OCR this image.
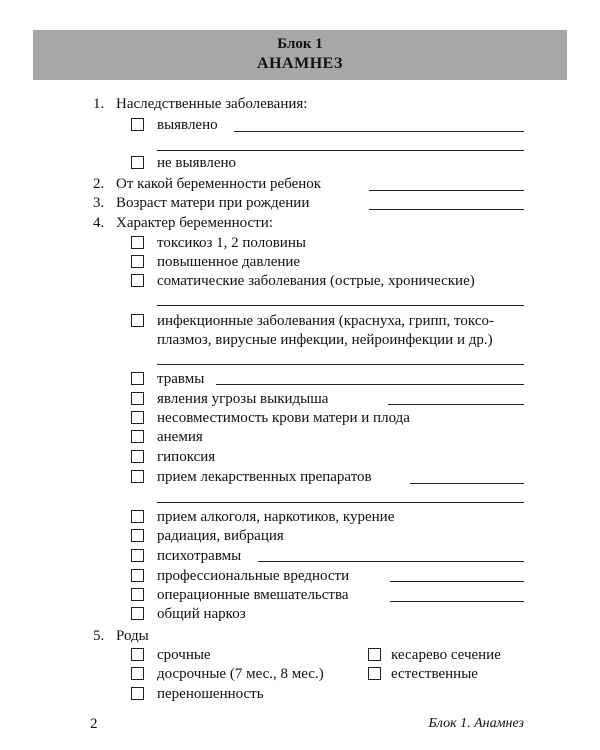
Блок 1
АНАМНЕЗ
1. Наследственные заболевания:
выявлено
не выявлено
2. От какой беременности ребенок
3. Возраст матери при рождении
4. Характер беременности:
токсикоз 1, 2 половины
повышенное давление
соматические заболевания (острые, хронические)
инфекционные заболевания (краснуха, грипп, токсо-
плазмоз, вирусные инфекции, нейроинфекции и др.)
травмы
явления угрозы выкидыша
несовместимость крови матери и плода
анемия
гипоксия
прием лекарственных препаратов
прием алкоголя, наркотиков, курение
радиация, вибрация
психотравмы
профессиональные вредности
операционные вмешательства
общий наркоз
5. Роды
срочные
досрочные (7 мес., 8 мес.)
переношенность
кесарево сечение
естественные
2	Блок 1. Анамнез
